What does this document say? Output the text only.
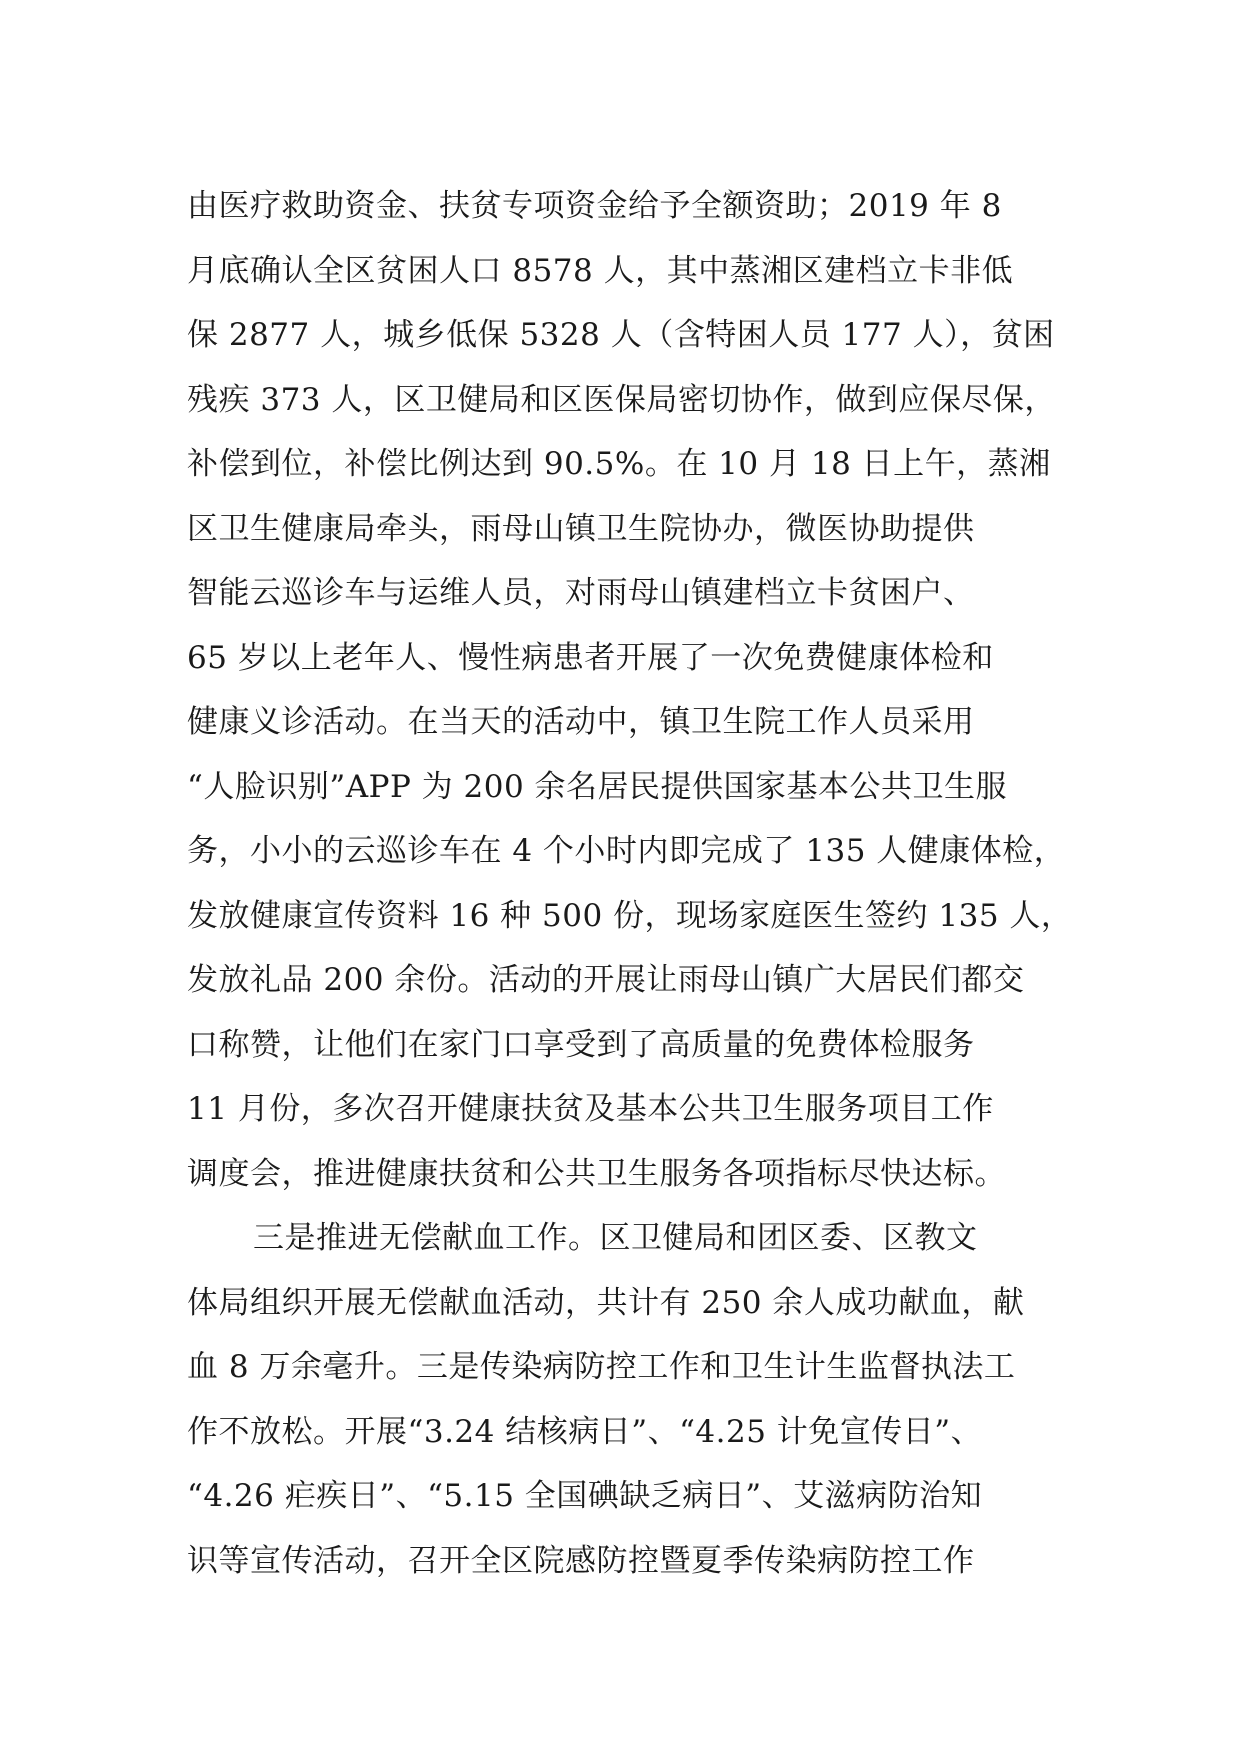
由医疗救助资金、扶贫专项资金给予全额资助；2019 年 8
月底确认全区贫困人口 8578 人，其中蒸湘区建档立卡非低
保 2877 人，城乡低保 5328 人（含特困人员 177 人），贫困
残疾 373 人，区卫健局和区医保局密切协作，做到应保尽保，
补偿到位，补偿比例达到 90.5%。在 10 月 18 日上午，蒸湘
区卫生健康局牵头，雨母山镇卫生院协办，微医协助提供
智能云巡诊车与运维人员，对雨母山镇建档立卡贫困户、
65 岁以上老年人、慢性病患者开展了一次免费健康体检和
健康义诊活动。在当天的活动中，镇卫生院工作人员采用
“人脸识别”APP 为 200 余名居民提供国家基本公共卫生服
务，小小的云巡诊车在 4 个小时内即完成了 135 人健康体检，
发放健康宣传资料 16 种 500 份，现场家庭医生签约 135 人，
发放礼品 200 余份。活动的开展让雨母山镇广大居民们都交
口称赞，让他们在家门口享受到了高质量的免费体检服务
11 月份，多次召开健康扶贫及基本公共卫生服务项目工作
调度会，推进健康扶贫和公共卫生服务各项指标尽快达标。
三是推进无偿献血工作。区卫健局和团区委、区教文
体局组织开展无偿献血活动，共计有 250 余人成功献血，献
血 8 万余毫升。三是传染病防控工作和卫生计生监督执法工
作不放松。开展“3.24 结核病日”、“4.25 计免宣传日”、
“4.26 疟疾日”、“5.15 全国碘缺乏病日”、艾滋病防治知
识等宣传活动，召开全区院感防控暨夏季传染病防控工作
